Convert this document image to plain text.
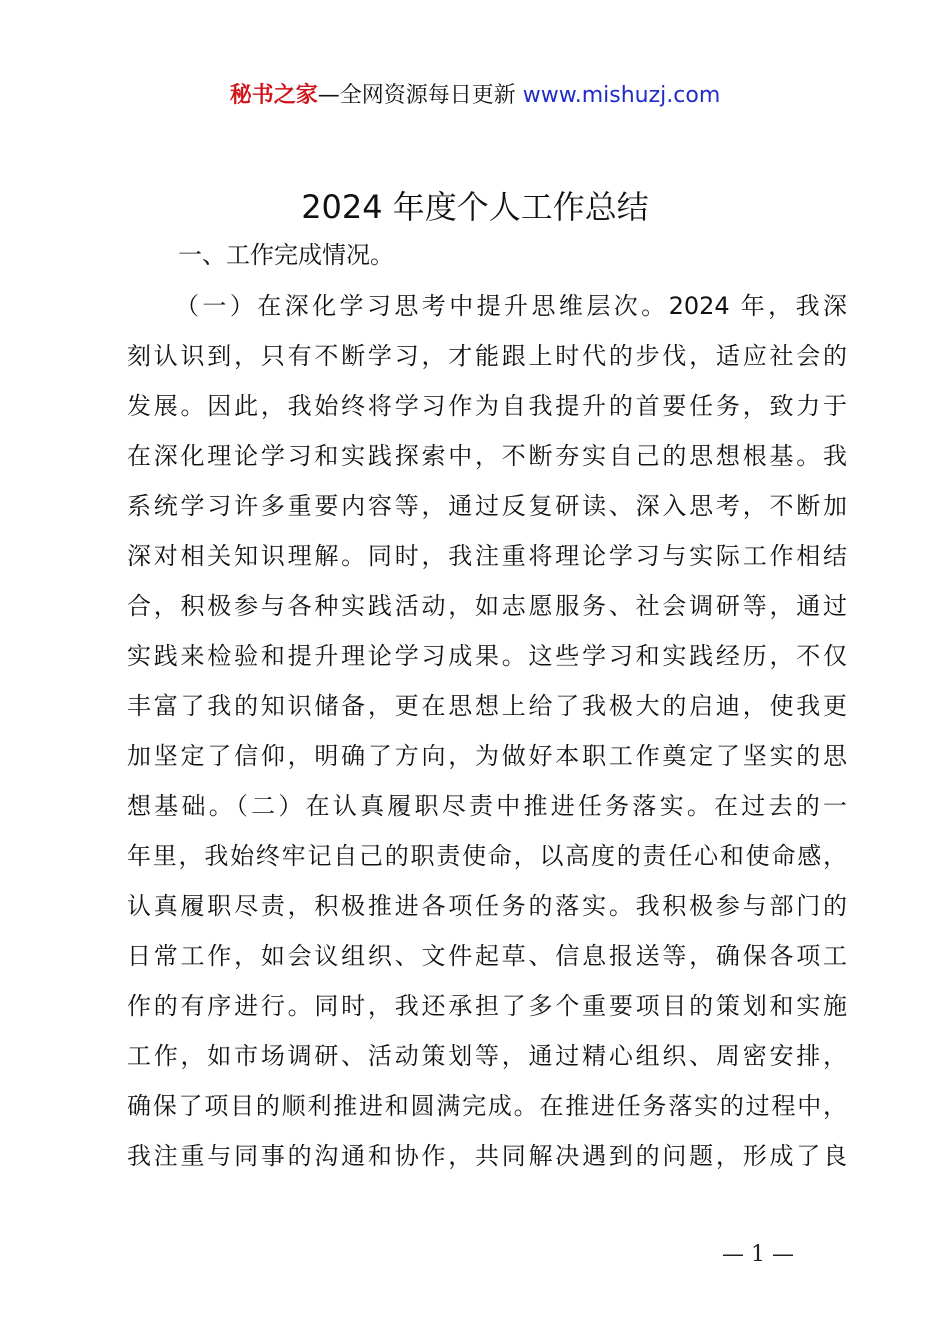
秘书之家—全网资源每日更新 www.mishuzj.com
2024 年度个人工作总结
一、工作完成情况。
（一）在深化学习思考中提升思维层次。2024 年，我深
刻认识到，只有不断学习，才能跟上时代的步伐，适应社会的
发展。因此，我始终将学习作为自我提升的首要任务，致力于
在深化理论学习和实践探索中，不断夯实自己的思想根基。我
系统学习许多重要内容等，通过反复研读、深入思考，不断加
深对相关知识理解。同时，我注重将理论学习与实际工作相结
合，积极参与各种实践活动，如志愿服务、社会调研等，通过
实践来检验和提升理论学习成果。这些学习和实践经历，不仅
丰富了我的知识储备，更在思想上给了我极大的启迪，使我更
加坚定了信仰，明确了方向，为做好本职工作奠定了坚实的思
想基础。（二）在认真履职尽责中推进任务落实。在过去的一
年里，我始终牢记自己的职责使命，以高度的责任心和使命感，
认真履职尽责，积极推进各项任务的落实。我积极参与部门的
日常工作，如会议组织、文件起草、信息报送等，确保各项工
作的有序进行。同时，我还承担了多个重要项目的策划和实施
工作，如市场调研、活动策划等，通过精心组织、周密安排，
确保了项目的顺利推进和圆满完成。在推进任务落实的过程中，
我注重与同事的沟通和协作，共同解决遇到的问题，形成了良
— 1 —
